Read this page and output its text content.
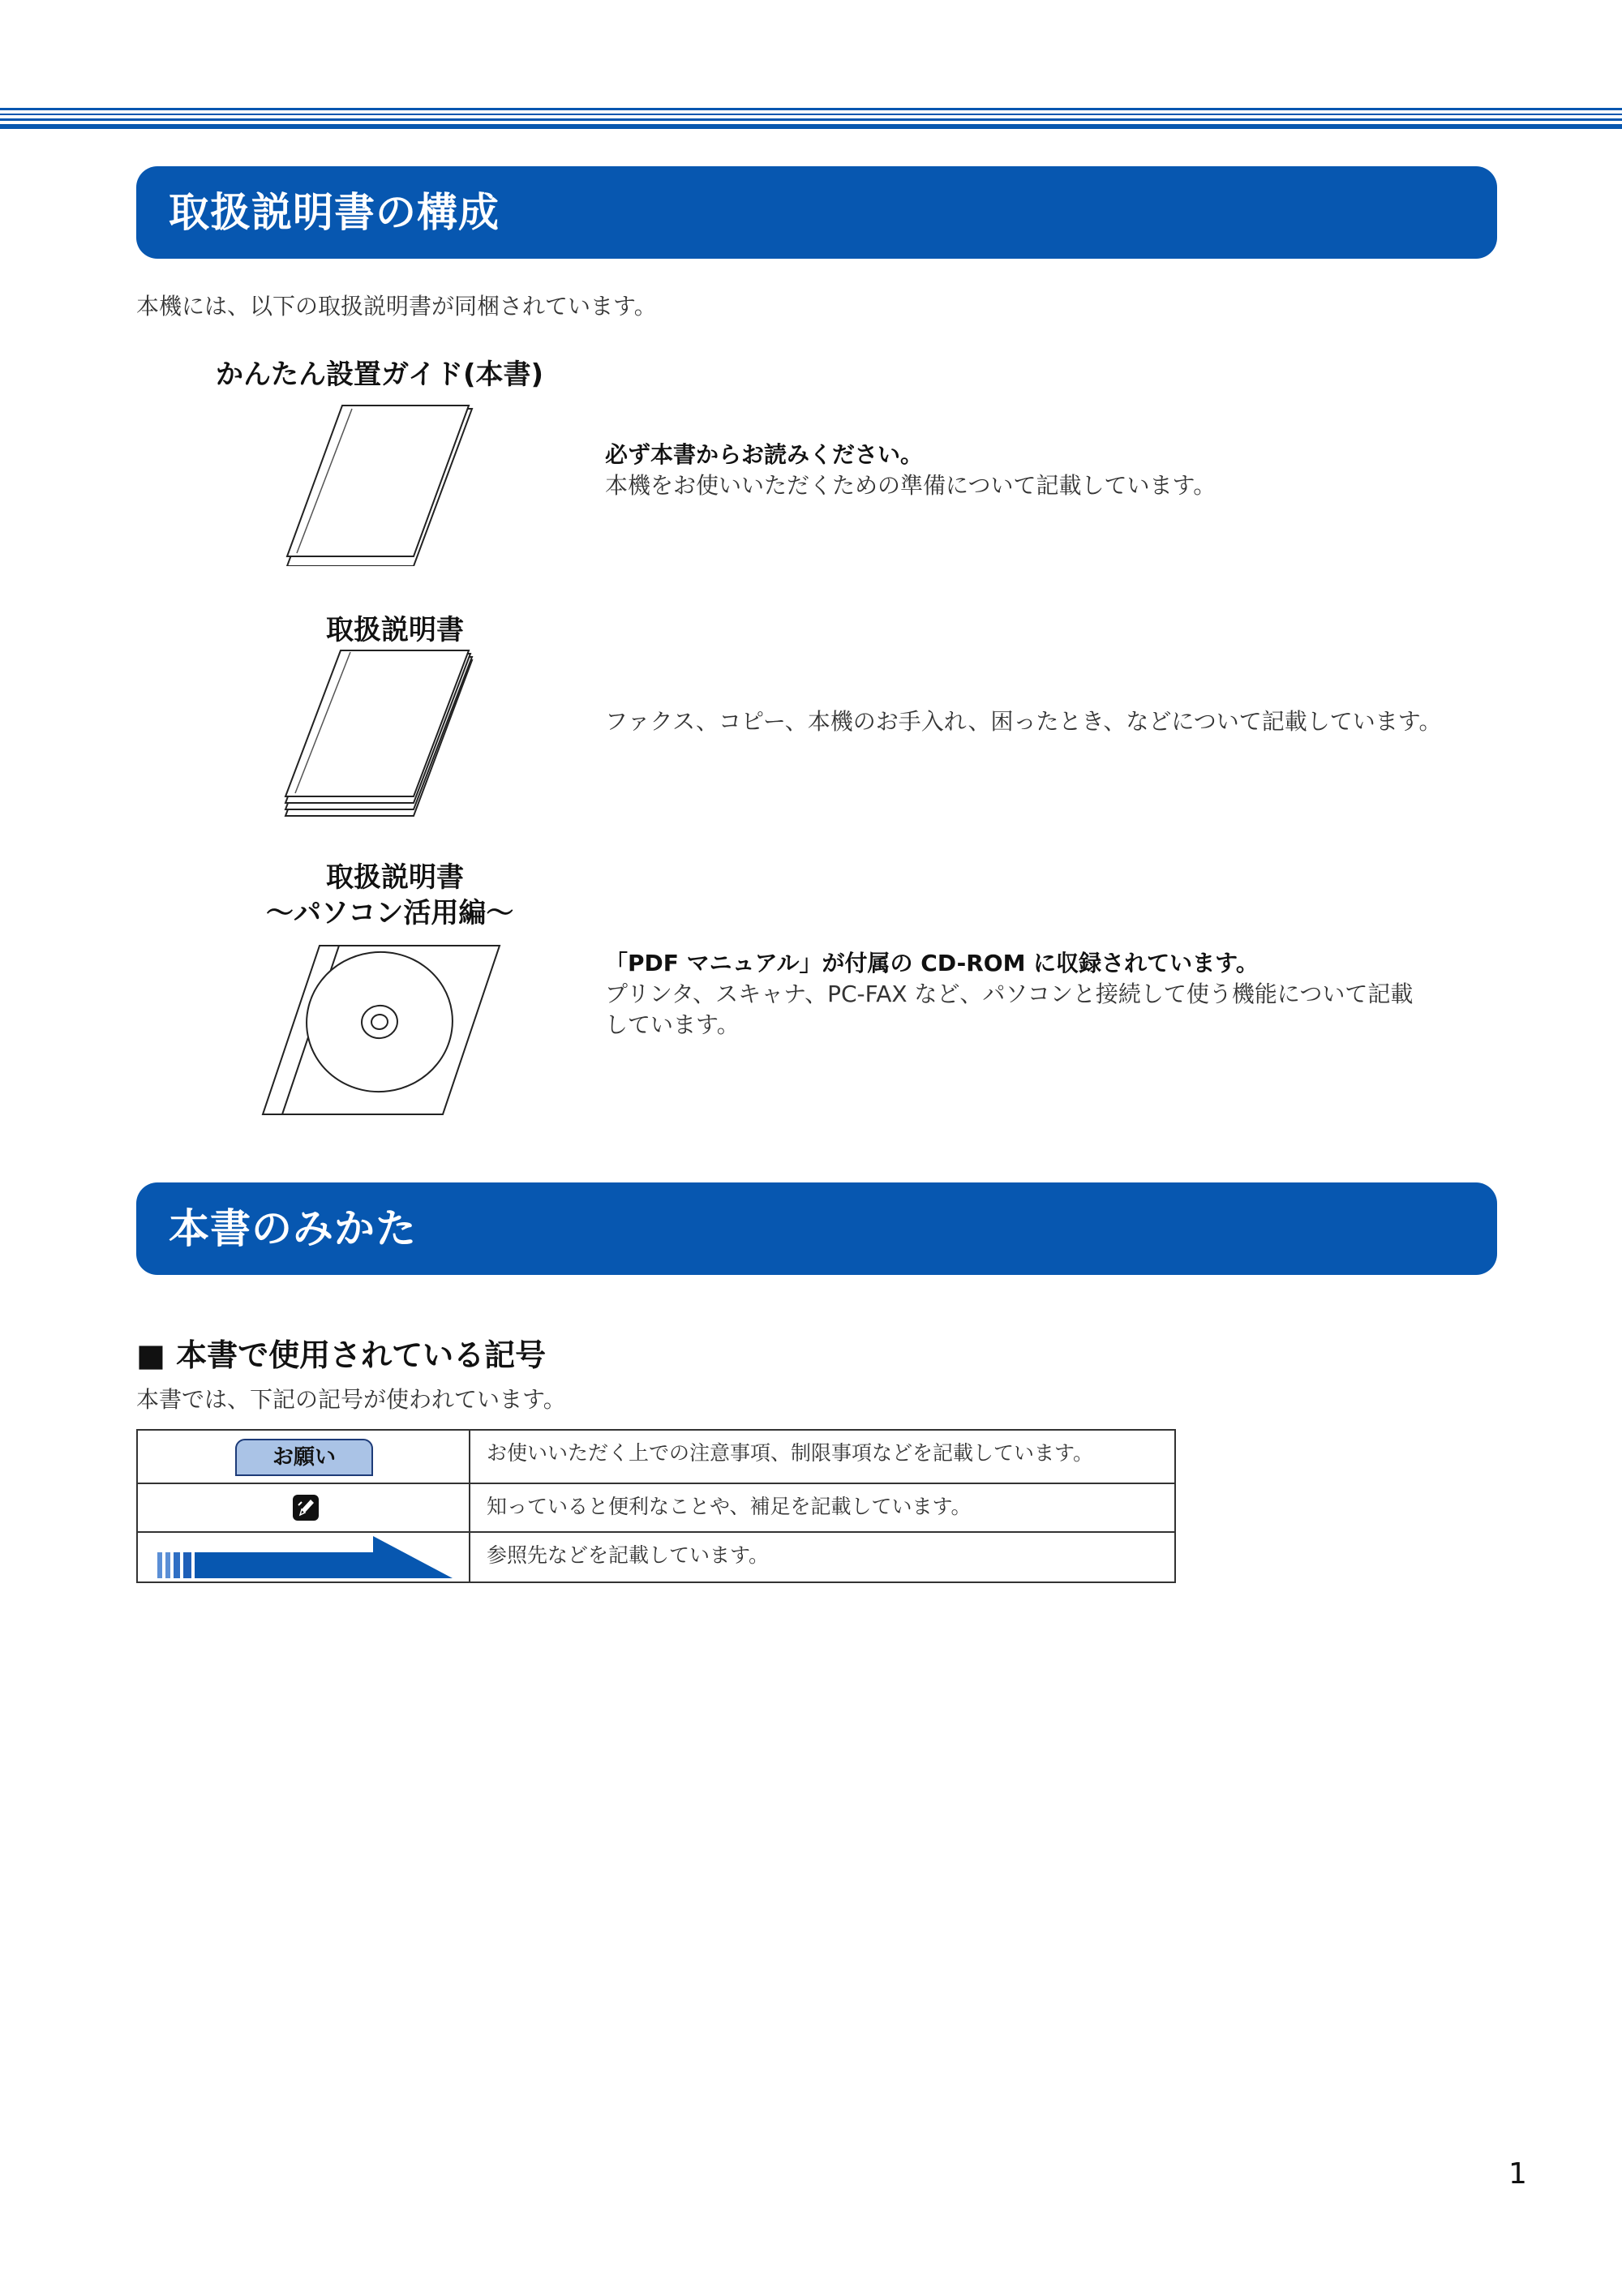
取扱説明書の構成
本機には、以下の取扱説明書が同梱されています。
かんたん設置ガイド(本書)
必ず本書からお読みください。
本機をお使いいただくための準備について記載しています。
取扱説明書
ファクス、コピー、本機のお手入れ、困ったとき、などについて記載しています。
取扱説明書
〜パソコン活用編〜
「PDF マニュアル」が付属の CD-ROM に収録されています。
プリンタ、スキャナ、PC-FAX など、パソコンと接続して使う機能について記載
しています。
本書のみかた
■ 本書で使用されている記号
本書では、下記の記号が使われています。
お願い	お使いいただく上での注意事項、制限事項などを記載しています。

	知っていると便利なことや、補足を記載しています。

	参照先などを記載しています。
1
